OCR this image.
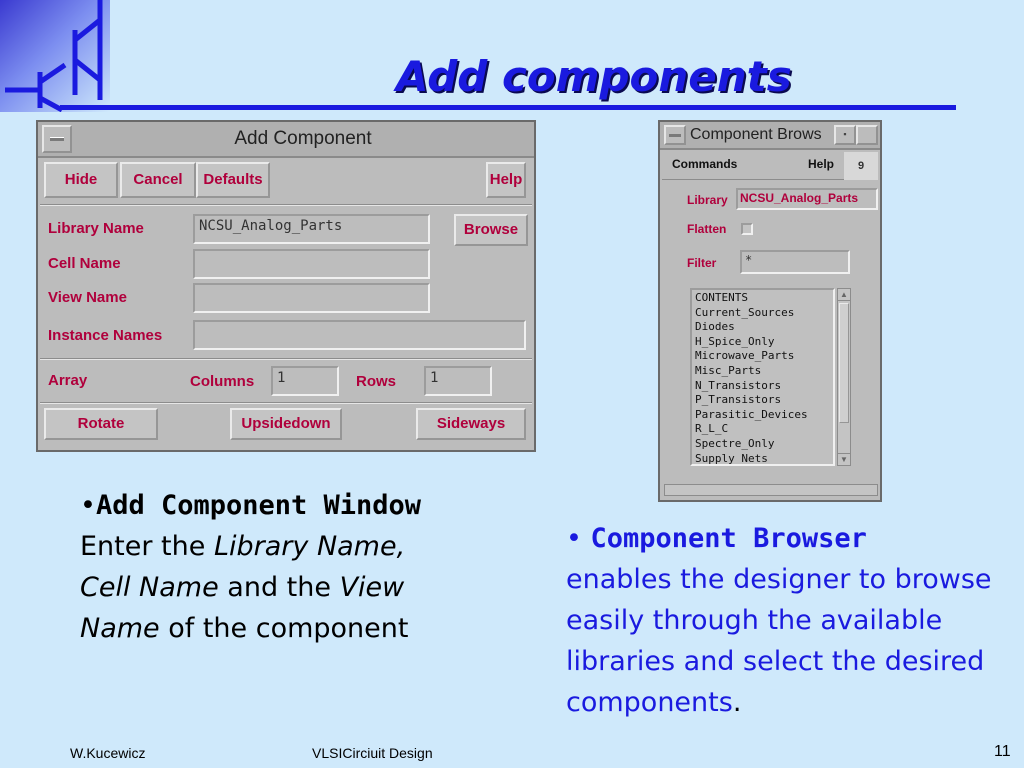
Add components
Add Component
Hide	Cancel	Defaults	Help
Library Name	NCSU_Analog_Parts	Browse
Cell Name
View Name
Instance Names
Array	Columns	1	Rows	1
Rotate	Upsidedown	Sideways
Component Brows	▪
Commands	Help	9
Library	NCSU_Analog_Parts
Flatten
Filter	*
CONTENTS
Current_Sources
Diodes
H_Spice_Only
Microwave_Parts
Misc_Parts
N_Transistors
P_Transistors
Parasitic_Devices
R_L_C
Spectre_Only
Supply_Nets
▲
▼
•Add Component Window
Enter the Library Name,
Cell Name and the View
Name of the component
• Component Browser
enables the designer to browse easily through the available libraries and select the desired components.
W.Kucewicz	VLSICirciuit Design	11
